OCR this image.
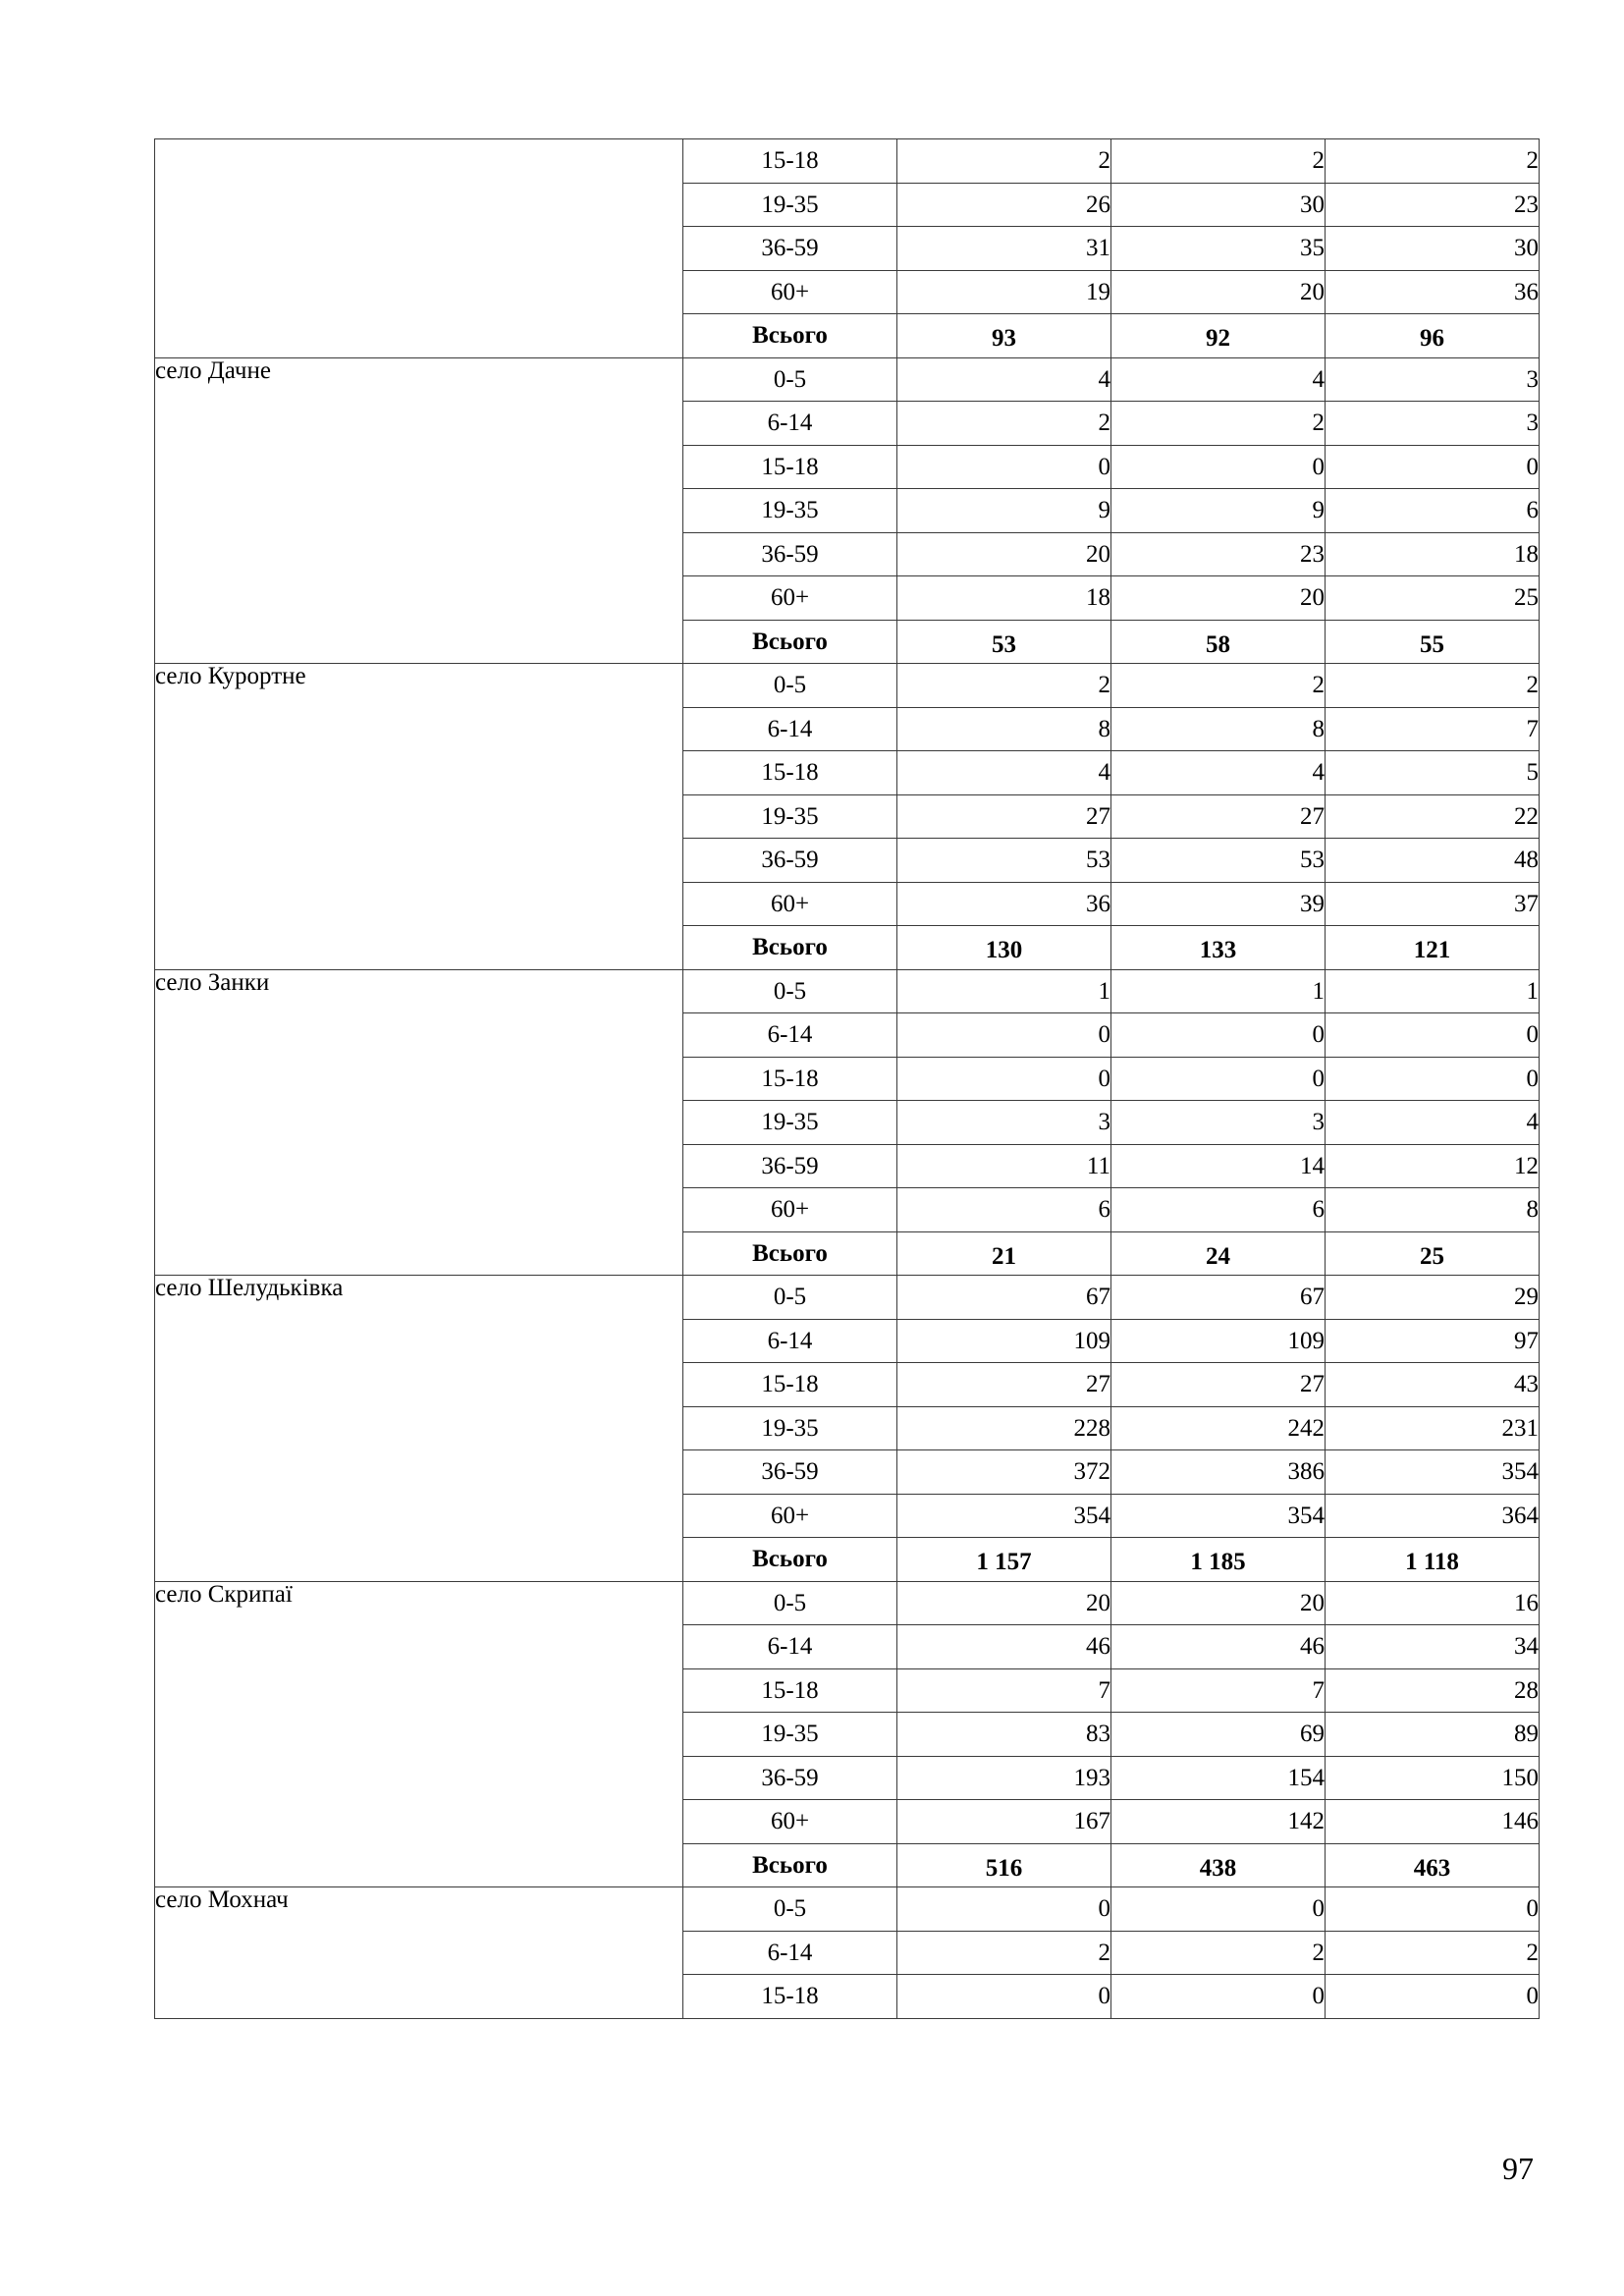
	15-18	2	2	2
	19-35	26	30	23
	36-59	31	35	30
	60+	19	20	36
	Всього	93	92	96
село Дачне	0-5	4	4	3
	6-14	2	2	3
	15-18	0	0	0
	19-35	9	9	6
	36-59	20	23	18
	60+	18	20	25
	Всього	53	58	55
село Курортне	0-5	2	2	2
	6-14	8	8	7
	15-18	4	4	5
	19-35	27	27	22
	36-59	53	53	48
	60+	36	39	37
	Всього	130	133	121
село Занки	0-5	1	1	1
	6-14	0	0	0
	15-18	0	0	0
	19-35	3	3	4
	36-59	11	14	12
	60+	6	6	8
	Всього	21	24	25
село Шелудьківка	0-5	67	67	29
	6-14	109	109	97
	15-18	27	27	43
	19-35	228	242	231
	36-59	372	386	354
	60+	354	354	364
	Всього	1 157	1 185	1 118
село Скрипаї	0-5	20	20	16
	6-14	46	46	34
	15-18	7	7	28
	19-35	83	69	89
	36-59	193	154	150
	60+	167	142	146
	Всього	516	438	463
село Мохнач	0-5	0	0	0
	6-14	2	2	2
	15-18	0	0	0
97
